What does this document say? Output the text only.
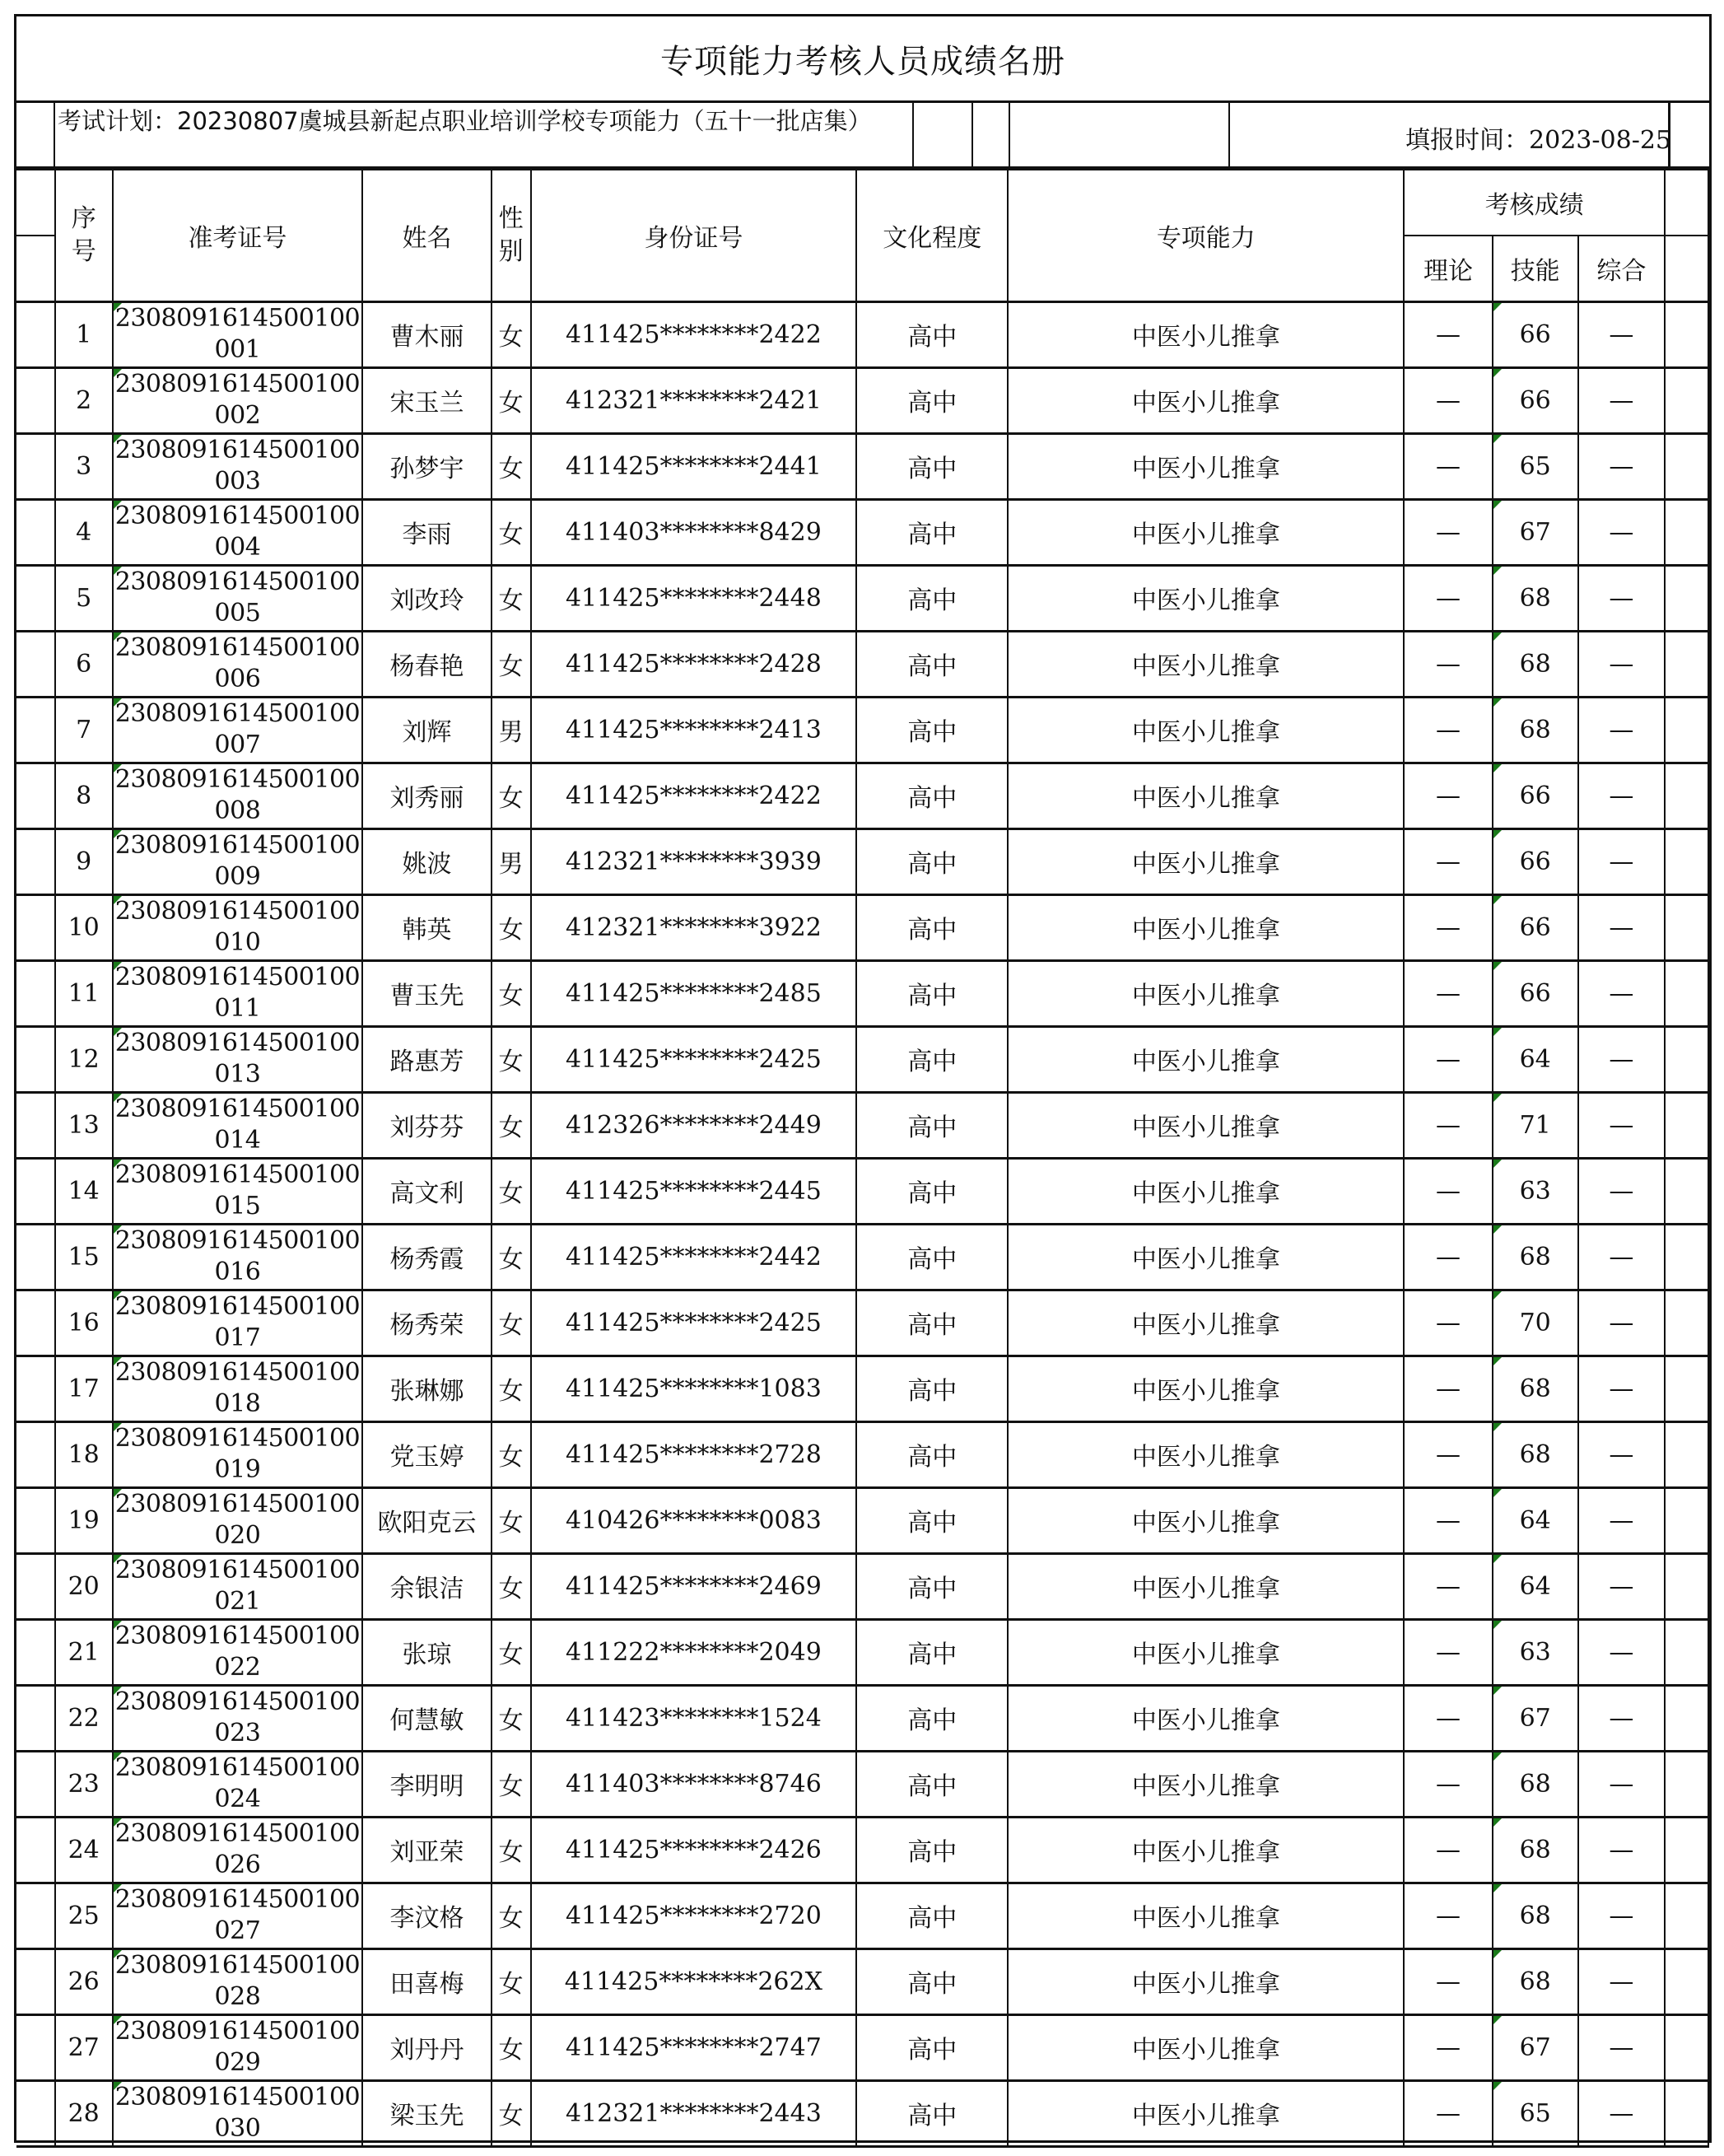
专项能力考核人员成绩名册
考试计划：20230807虞城县新起点职业培训学校专项能力（五十一批店集）
填报时间：2023-08-25
	序号	准考证号	姓名	性别	身份证号	文化程度	专项能力	考核成绩			
								理论	技能	综合	
	1	2308091614500100001	曹木丽	女	411425********2422	高中	中医小儿推拿	—	66	—	
	2	2308091614500100002	宋玉兰	女	412321********2421	高中	中医小儿推拿	—	66	—	
	3	2308091614500100003	孙梦宇	女	411425********2441	高中	中医小儿推拿	—	65	—	
	4	2308091614500100004	李雨	女	411403********8429	高中	中医小儿推拿	—	67	—	
	5	2308091614500100005	刘改玲	女	411425********2448	高中	中医小儿推拿	—	68	—	
	6	2308091614500100006	杨春艳	女	411425********2428	高中	中医小儿推拿	—	68	—	
	7	2308091614500100007	刘辉	男	411425********2413	高中	中医小儿推拿	—	68	—	
	8	2308091614500100008	刘秀丽	女	411425********2422	高中	中医小儿推拿	—	66	—	
	9	2308091614500100009	姚波	男	412321********3939	高中	中医小儿推拿	—	66	—	
	10	2308091614500100010	韩英	女	412321********3922	高中	中医小儿推拿	—	66	—	
	11	2308091614500100011	曹玉先	女	411425********2485	高中	中医小儿推拿	—	66	—	
	12	2308091614500100013	路惠芳	女	411425********2425	高中	中医小儿推拿	—	64	—	
	13	2308091614500100014	刘芬芬	女	412326********2449	高中	中医小儿推拿	—	71	—	
	14	2308091614500100015	高文利	女	411425********2445	高中	中医小儿推拿	—	63	—	
	15	2308091614500100016	杨秀霞	女	411425********2442	高中	中医小儿推拿	—	68	—	
	16	2308091614500100017	杨秀荣	女	411425********2425	高中	中医小儿推拿	—	70	—	
	17	2308091614500100018	张琳娜	女	411425********1083	高中	中医小儿推拿	—	68	—	
	18	2308091614500100019	党玉婷	女	411425********2728	高中	中医小儿推拿	—	68	—	
	19	2308091614500100020	欧阳克云	女	410426********0083	高中	中医小儿推拿	—	64	—	
	20	2308091614500100021	余银洁	女	411425********2469	高中	中医小儿推拿	—	64	—	
	21	2308091614500100022	张琼	女	411222********2049	高中	中医小儿推拿	—	63	—	
	22	2308091614500100023	何慧敏	女	411423********1524	高中	中医小儿推拿	—	67	—	
	23	2308091614500100024	李明明	女	411403********8746	高中	中医小儿推拿	—	68	—	
	24	2308091614500100026	刘亚荣	女	411425********2426	高中	中医小儿推拿	—	68	—	
	25	2308091614500100027	李汶格	女	411425********2720	高中	中医小儿推拿	—	68	—	
	26	2308091614500100028	田喜梅	女	411425********262X	高中	中医小儿推拿	—	68	—	
	27	2308091614500100029	刘丹丹	女	411425********2747	高中	中医小儿推拿	—	67	—	
	28	2308091614500100030	梁玉先	女	412321********2443	高中	中医小儿推拿	—	65	—	
